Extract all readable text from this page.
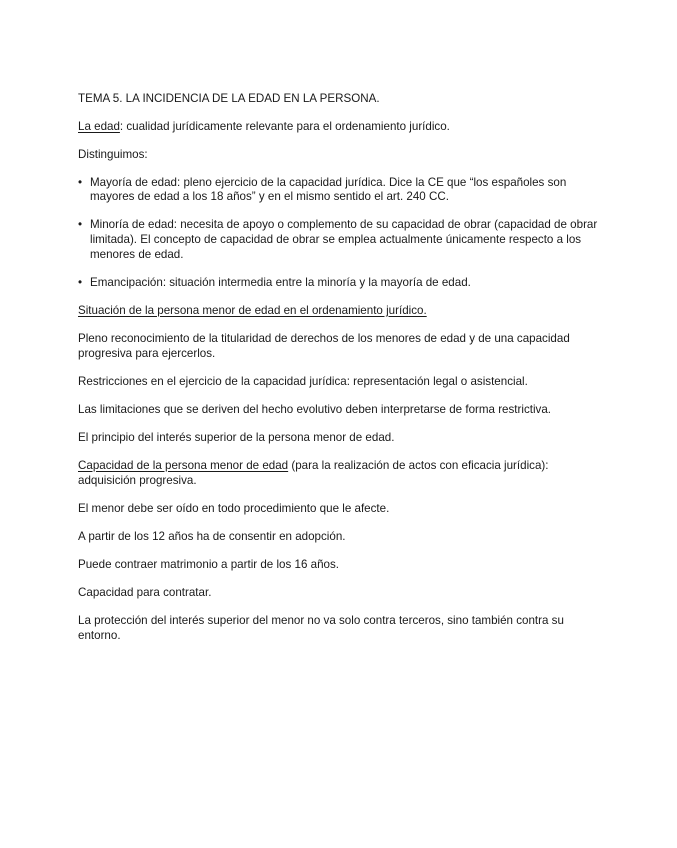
TEMA 5. LA INCIDENCIA DE LA EDAD EN LA PERSONA.

La edad: cualidad jurídicamente relevante para el ordenamiento jurídico.

Distinguimos:

• Mayoría de edad: pleno ejercicio de la capacidad jurídica. Dice la CE que “los españoles son mayores de edad a los 18 años” y en el mismo sentido el art. 240 CC.
• Minoría de edad: necesita de apoyo o complemento de su capacidad de obrar (capacidad de obrar limitada). El concepto de capacidad de obrar se emplea actualmente únicamente respecto a los menores de edad.
• Emancipación: situación intermedia entre la minoría y la mayoría de edad.

Situación de la persona menor de edad en el ordenamiento jurídico.

Pleno reconocimiento de la titularidad de derechos de los menores de edad y de una capacidad progresiva para ejercerlos.

Restricciones en el ejercicio de la capacidad jurídica: representación legal o asistencial.

Las limitaciones que se deriven del hecho evolutivo deben interpretarse de forma restrictiva.

El principio del interés superior de la persona menor de edad.

Capacidad de la persona menor de edad (para la realización de actos con eficacia jurídica): adquisición progresiva.

El menor debe ser oído en todo procedimiento que le afecte.

A partir de los 12 años ha de consentir en adopción.

Puede contraer matrimonio a partir de los 16 años.

Capacidad para contratar.

La protección del interés superior del menor no va solo contra terceros, sino también contra su entorno.
